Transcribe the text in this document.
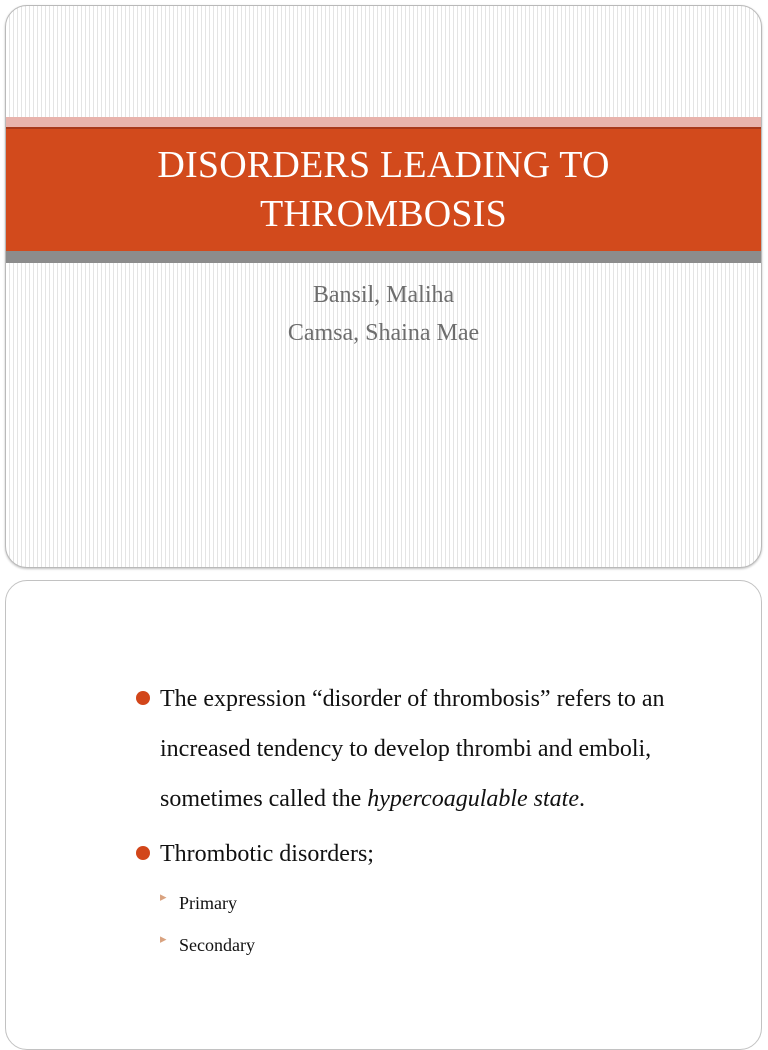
DISORDERS LEADING TO
THROMBOSIS
Bansil, Maliha
Camsa, Shaina Mae
The expression “disorder of thrombosis” refers to an increased tendency to develop thrombi and emboli, sometimes called the hypercoagulable state.
Thrombotic disorders;
▸ Primary
▸ Secondary
